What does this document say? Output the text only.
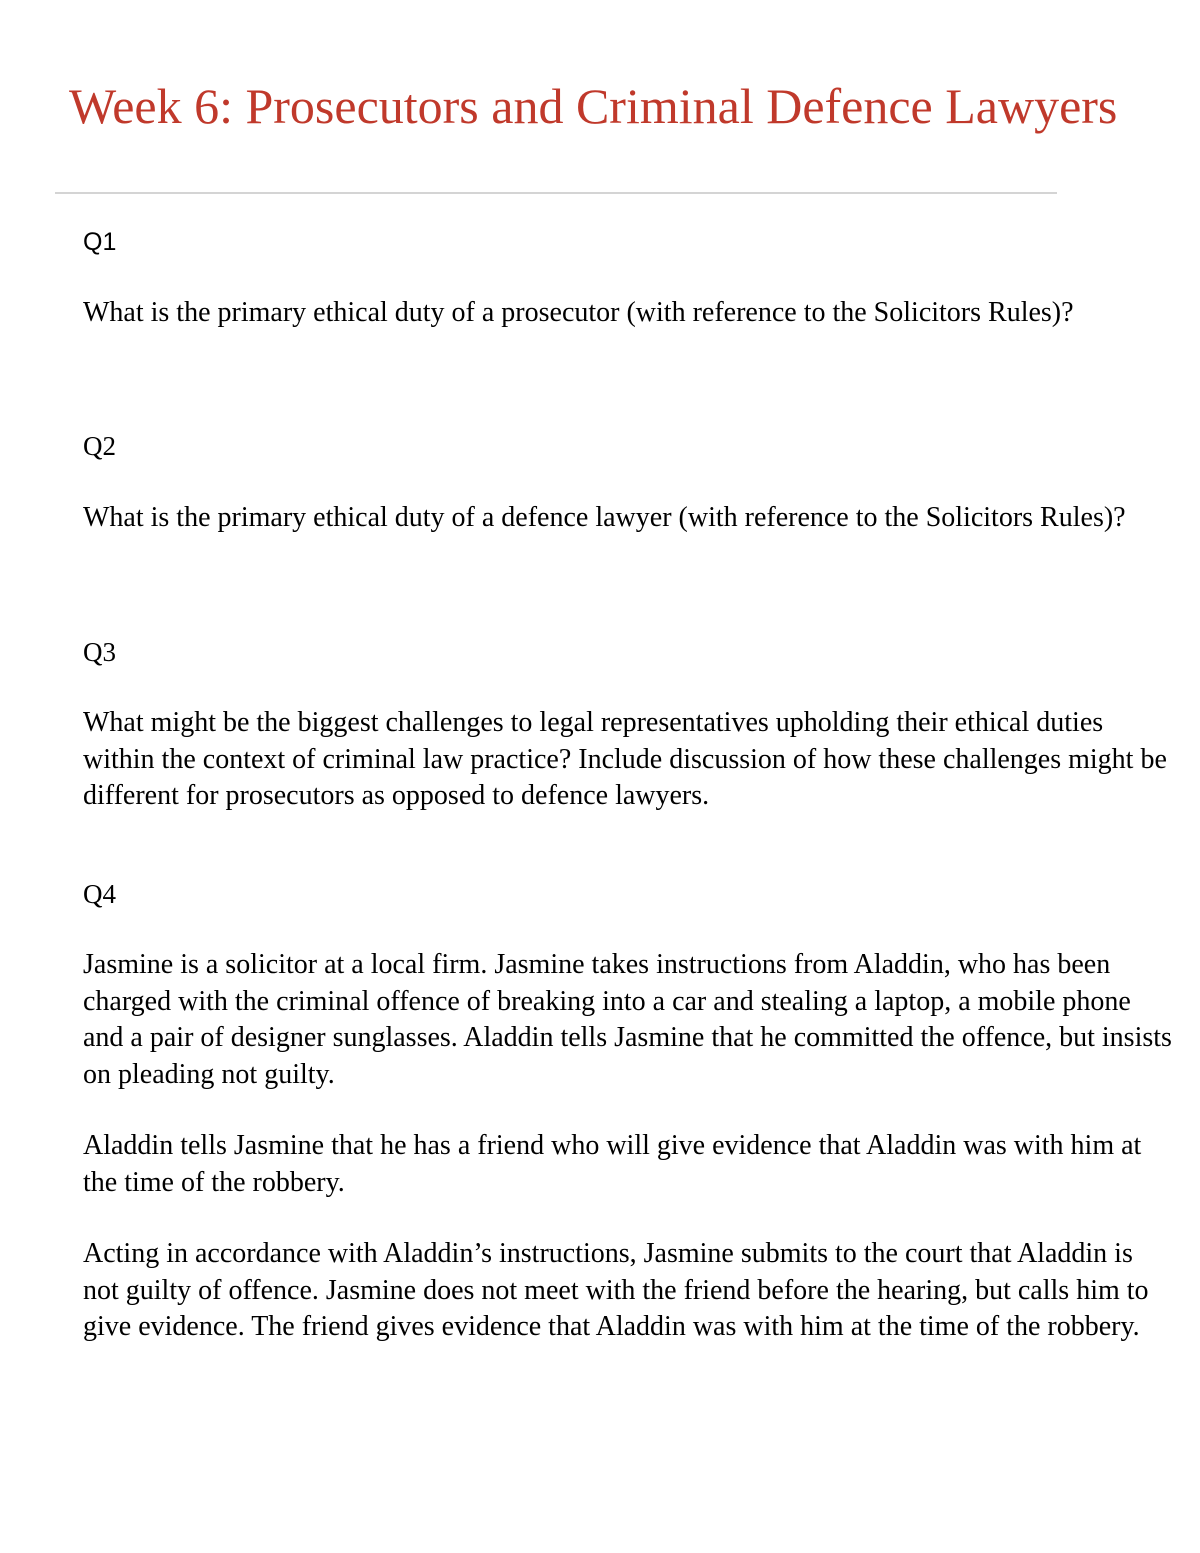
Week 6: Prosecutors and Criminal Defence Lawyers

Q1

What is the primary ethical duty of a prosecutor (with reference to the Solicitors Rules)?

Q2

What is the primary ethical duty of a defence lawyer (with reference to the Solicitors Rules)?

Q3

What might be the biggest challenges to legal representatives upholding their ethical duties within the context of criminal law practice? Include discussion of how these challenges might be different for prosecutors as opposed to defence lawyers.

Q4

Jasmine is a solicitor at a local firm. Jasmine takes instructions from Aladdin, who has been charged with the criminal offence of breaking into a car and stealing a laptop, a mobile phone and a pair of designer sunglasses. Aladdin tells Jasmine that he committed the offence, but insists on pleading not guilty.

Aladdin tells Jasmine that he has a friend who will give evidence that Aladdin was with him at the time of the robbery.

Acting in accordance with Aladdin’s instructions, Jasmine submits to the court that Aladdin is not guilty of offence. Jasmine does not meet with the friend before the hearing, but calls him to give evidence. The friend gives evidence that Aladdin was with him at the time of the robbery.
